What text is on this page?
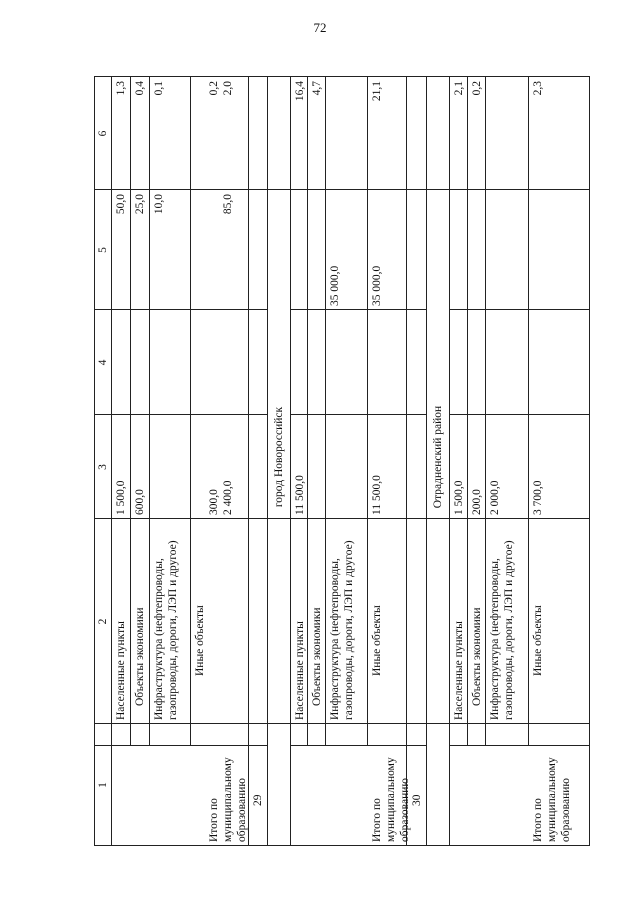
72
1
2
3
4
5
6
Населенные пункты
1 500,0
50,0
1,3
Объекты экономики
600,0
25,0
0,4
Инфраструктура (нефтепроводы, газопроводы, дороги, ЛЭП и другое)
10,0
0,1
Иные объекты
300,0
0,2
Итого по муниципальному образованию
2 400,0
85,0
2,0
29
город Новороссийск
Населенные пункты
11 500,0
16,4
Объекты экономики
4,7
Инфраструктура (нефтепроводы, газопроводы, дороги, ЛЭП и другое)
35 000,0
Иные объекты
Итого по муниципальному образованию
11 500,0
35 000,0
21,1
30
Отрадненский район
Населенные пункты
1 500,0
2,1
Объекты экономики
200,0
0,2
Инфраструктура (нефтепроводы, газопроводы, дороги, ЛЭП и другое)
2 000,0
Иные объекты
Итого по муниципальному образованию
3 700,0
2,3
